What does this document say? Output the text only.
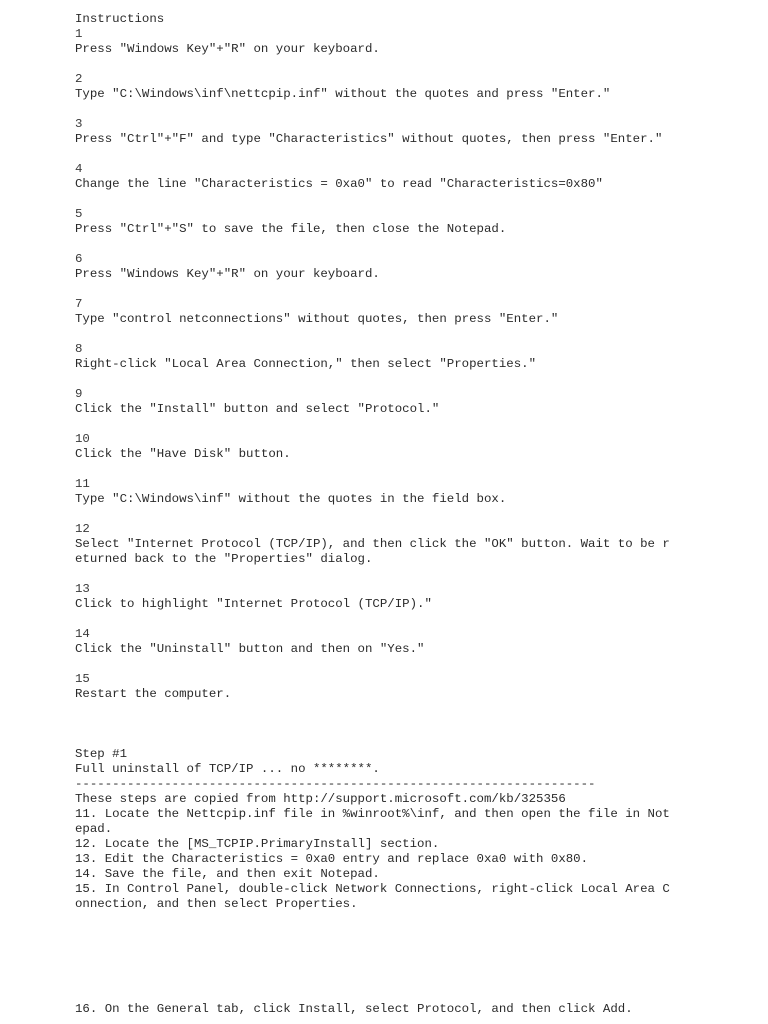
Instructions
1
Press "Windows Key"+"R" on your keyboard.
2
Type "C:\Windows\inf\nettcpip.inf" without the quotes and press "Enter."
3
Press "Ctrl"+"F" and type "Characteristics" without quotes, then press "Enter."
4
Change the line "Characteristics = 0xa0" to read "Characteristics=0x80"
5
Press "Ctrl"+"S" to save the file, then close the Notepad.
6
Press "Windows Key"+"R" on your keyboard.
7
Type "control netconnections" without quotes, then press "Enter."
8
Right-click "Local Area Connection," then select "Properties."
9
Click the "Install" button and select "Protocol."
10
Click the "Have Disk" button.
11
Type "C:\Windows\inf" without the quotes in the field box.
12
Select "Internet Protocol (TCP/IP), and then click the "OK" button. Wait to be r
eturned back to the "Properties" dialog.
13
Click to highlight "Internet Protocol (TCP/IP)."
14
Click the "Uninstall" button and then on "Yes."
15
Restart the computer.
Step #1
Full uninstall of TCP/IP ... no ********.
----------------------------------------------------------------------
These steps are copied from http://support.microsoft.com/kb/325356
11. Locate the Nettcpip.inf file in %winroot%\inf, and then open the file in Not
epad.
12. Locate the [MS_TCPIP.PrimaryInstall] section.
13. Edit the Characteristics = 0xa0 entry and replace 0xa0 with 0x80.
14. Save the file, and then exit Notepad.
15. In Control Panel, double-click Network Connections, right-click Local Area C
onnection, and then select Properties.
16. On the General tab, click Install, select Protocol, and then click Add.
